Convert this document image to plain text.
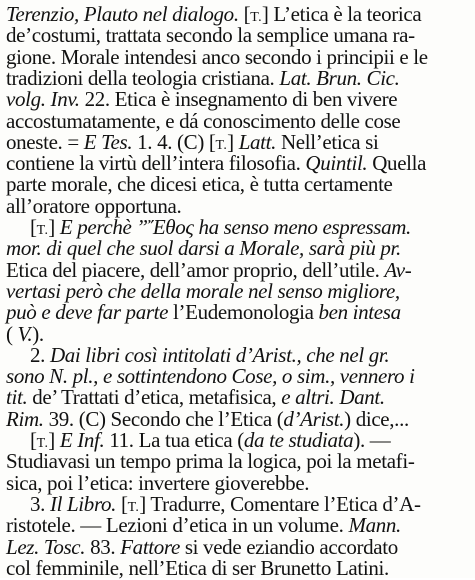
Terenzio, Plauto nel dialogo. [T.] L’etica è la teorica
de’costumi, trattata secondo la semplice umana ra-
gione. Morale intendesi anco secondo i principii e le
tradizioni della teologia cristiana. Lat. Brun. Cic.
volg. Inv. 22. Etica è insegnamento di ben vivere
accostumatamente, e dá conoscimento delle cose
oneste. = E Tes. 1. 4. (C) [T.] Latt. Nell’etica si
contiene la virtù dell’intera filosofia. Quintil. Quella
parte morale, che dicesi etica, è tutta certamente
all’oratore opportuna.
[T.] E perchè ”Ἔθος ha senso meno espressam.
mor. di quel che suol darsi a Morale, sarà più pr.
Etica del piacere, dell’amor proprio, dell’utile. Av-
vertasi però che della morale nel senso migliore,
può e deve far parte l’Eudemonologia ben intesa
( V.).
2. Dai libri così intitolati d’Arist., che nel gr.
sono N. pl., e sottintendono Cose, o sim., vennero i
tit. de’ Trattati d’etica, metafisica, e altri. Dant.
Rim. 39. (C) Secondo che l’Etica (d’Arist.) dice,...
[T.] E Inf. 11. La tua etica (da te studiata). —
Studiavasi un tempo prima la logica, poi la metafi-
sica, poi l’etica: invertere gioverebbe.
3. Il Libro. [T.] Tradurre, Comentare l’Etica d’A-
ristotele. — Lezioni d’etica in un volume. Mann.
Lez. Tosc. 83. Fattore si vede eziandio accordato
col femminile, nell’Etica di ser Brunetto Latini.
